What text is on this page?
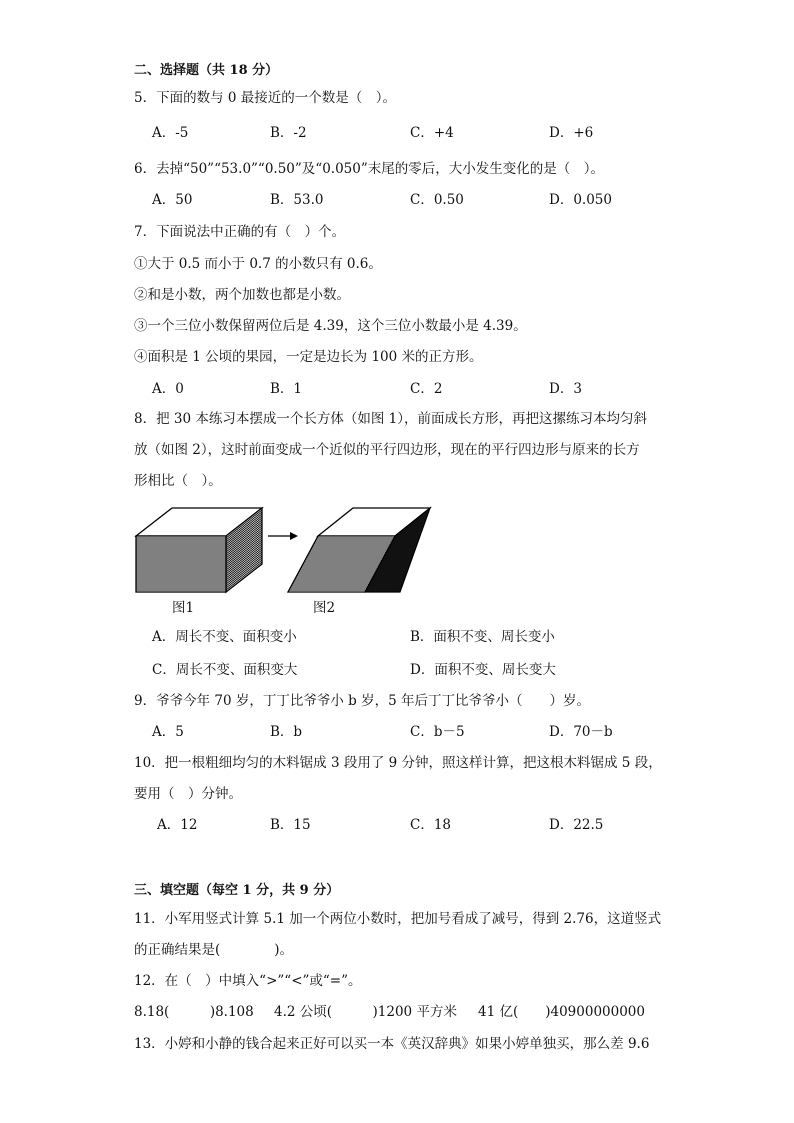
二、选择题（共 18 分）
5．下面的数与 0 最接近的一个数是（　）。
A．-5	B．-2	C．+4	D．+6
6．去掉“50”“53.0”“0.50”及“0.050”末尾的零后，大小发生变化的是（　）。
A．50	B．53.0	C．0.50	D．0.050
7．下面说法中正确的有（　）个。
①大于 0.5 而小于 0.7 的小数只有 0.6。
②和是小数，两个加数也都是小数。
③一个三位小数保留两位后是 4.39，这个三位小数最小是 4.39。
④面积是 1 公顷的果园，一定是边长为 100 米的正方形。
A．0	B．1	C．2	D．3
8．把 30 本练习本摆成一个长方体（如图 1），前面成长方形，再把这摞练习本均匀斜
放（如图 2），这时前面变成一个近似的平行四边形，现在的平行四边形与原来的长方
形相比（　）。
图1	图2
A．周长不变、面积变小	B．面积不变、周长变小
C．周长不变、面积变大	D．面积不变、周长变大
9．爷爷今年 70 岁，丁丁比爷爷小 b 岁，5 年后丁丁比爷爷小（　　）岁。
A．5	B．b	C．b－5	D．70－b
10．把一根粗细均匀的木料锯成 3 段用了 9 分钟，照这样计算，把这根木料锯成 5 段，
要用（　）分钟。
A．12	B．15	C．18	D．22.5
三、填空题（每空 1 分，共 9 分）
11．小军用竖式计算 5.1 加一个两位小数时，把加号看成了减号，得到 2.76，这道竖式
的正确结果是(　　　　)。
12．在（　）中填入“>”“<”或“=”。
8.18(　　　)8.108 4.2 公顷(　　　)1200 平方米 41 亿(　　)40900000000
13．小婷和小静的钱合起来正好可以买一本《英汉辞典》如果小婷单独买，那么差 9.6
